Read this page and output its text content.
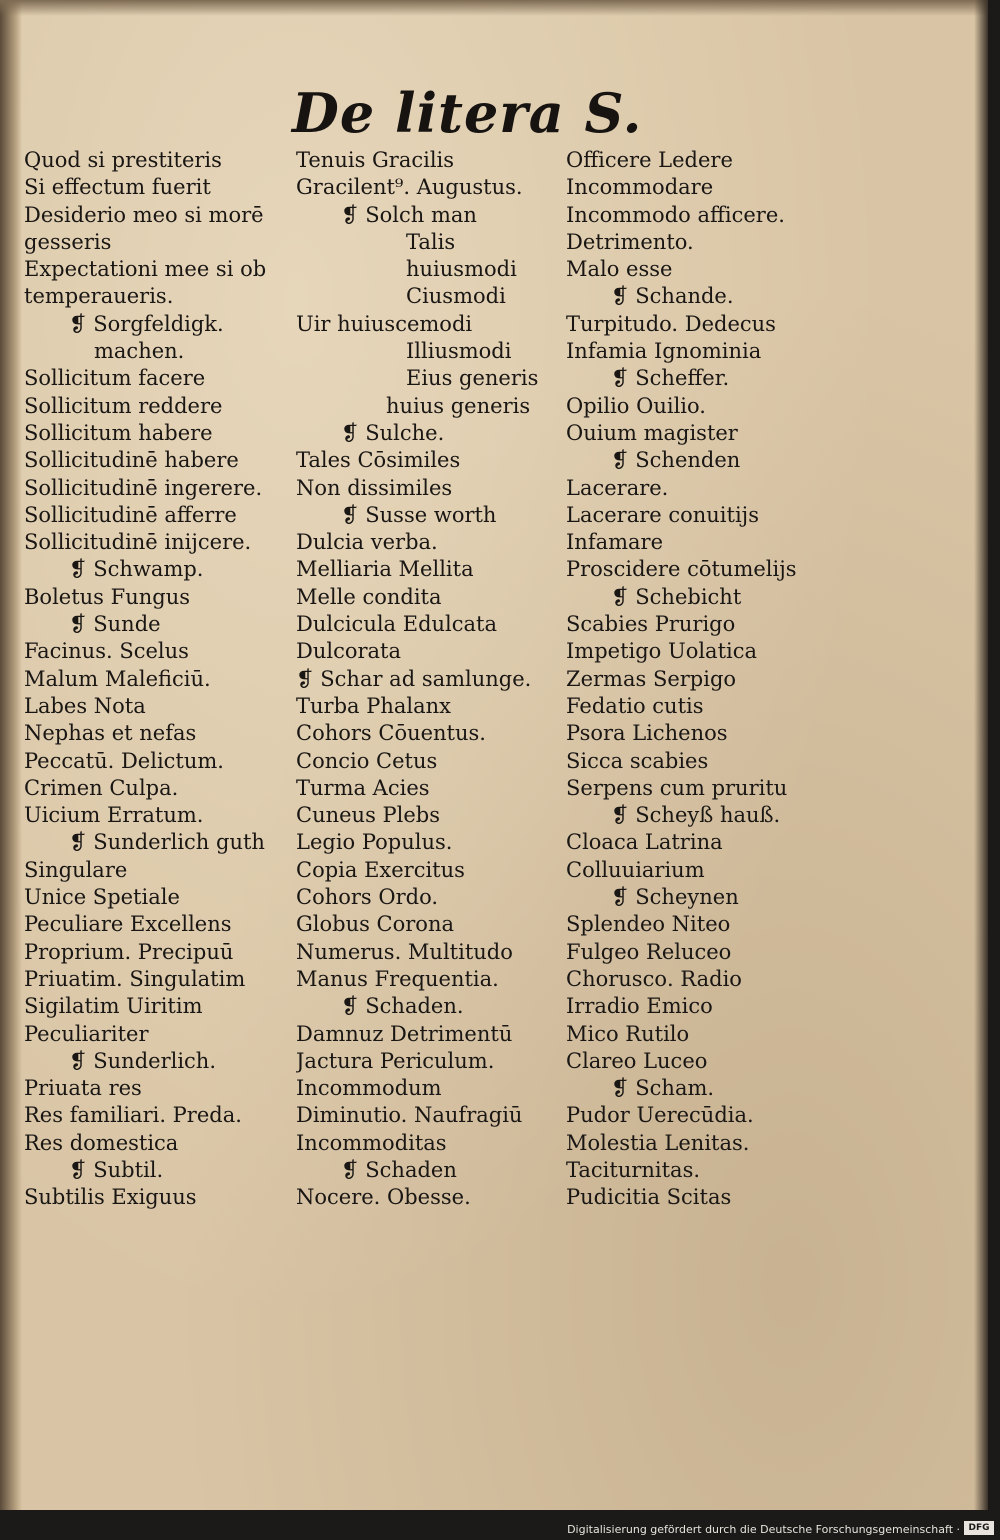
De litera S.
Quod si prestiteris
Si effectum fuerit
Desiderio meo si morē
gesseris
Expectationi mee si ob
temperaueris.
❡ Sorgfeldigk.
machen.
Sollicitum facere
Sollicitum reddere
Sollicitum habere
Sollicitudinē habere
Sollicitudinē ingerere.
Sollicitudinē afferre
Sollicitudinē inijcere.
❡ Schwamp.
Boletus Fungus
❡ Sunde
Facinus. Scelus
Malum Maleficiū.
Labes Nota
Nephas et nefas
Peccatū. Delictum.
Crimen Culpa.
Uicium Erratum.
❡ Sunderlich guth
Singulare
Unice Spetiale
Peculiare Excellens
Proprium. Precipuū
Priuatim. Singulatim
Sigilatim Uiritim
Peculiariter
❡ Sunderlich.
Priuata res
Res familiari. Preda.
Res domestica
❡ Subtil.
Subtilis Exiguus
Tenuis Gracilis
Gracilent⁹. Augustus.
❡ Solch man
Talis
huiusmodi
Ciusmodi
Uir huiuscemodi
Illiusmodi
Eius generis
huius generis
❡ Sulche.
Tales Cōsimiles
Non dissimiles
❡ Susse worth
Dulcia verba.
Melliaria Mellita
Melle condita
Dulcicula Edulcata
Dulcorata
❡ Schar ad samlunge.
Turba Phalanx
Cohors Cōuentus.
Concio Cetus
Turma Acies
Cuneus Plebs
Legio Populus.
Copia Exercitus
Cohors Ordo.
Globus Corona
Numerus. Multitudo
Manus Frequentia.
❡ Schaden.
Damnuz Detrimentū
Jactura Periculum.
Incommodum
Diminutio. Naufragiū
Incommoditas
❡ Schaden
Nocere. Obesse.
Officere Ledere
Incommodare
Incommodo afficere.
Detrimento.
Malo esse
❡ Schande.
Turpitudo. Dedecus
Infamia Ignominia
❡ Scheffer.
Opilio Ouilio.
Ouium magister
❡ Schenden
Lacerare.
Lacerare conuitijs
Infamare
Proscidere cōtumelijs
❡ Schebicht
Scabies Prurigo
Impetigo Uolatica
Zermas Serpigo
Fedatio cutis
Psora Lichenos
Sicca scabies
Serpens cum pruritu
❡ Scheyß hauß.
Cloaca Latrina
Colluuiarium
❡ Scheynen
Splendeo Niteo
Fulgeo Reluceo
Choruscο. Radio
Irradio Emico
Mico Rutilo
Clareo Luceo
❡ Scham.
Pudor Uerecūdia.
Molestia Lenitas.
Taciturnitas.
Pudicitia Scitas
Digitalisierung gefördert durch die Deutsche Forschungsgemeinschaft · DFG
